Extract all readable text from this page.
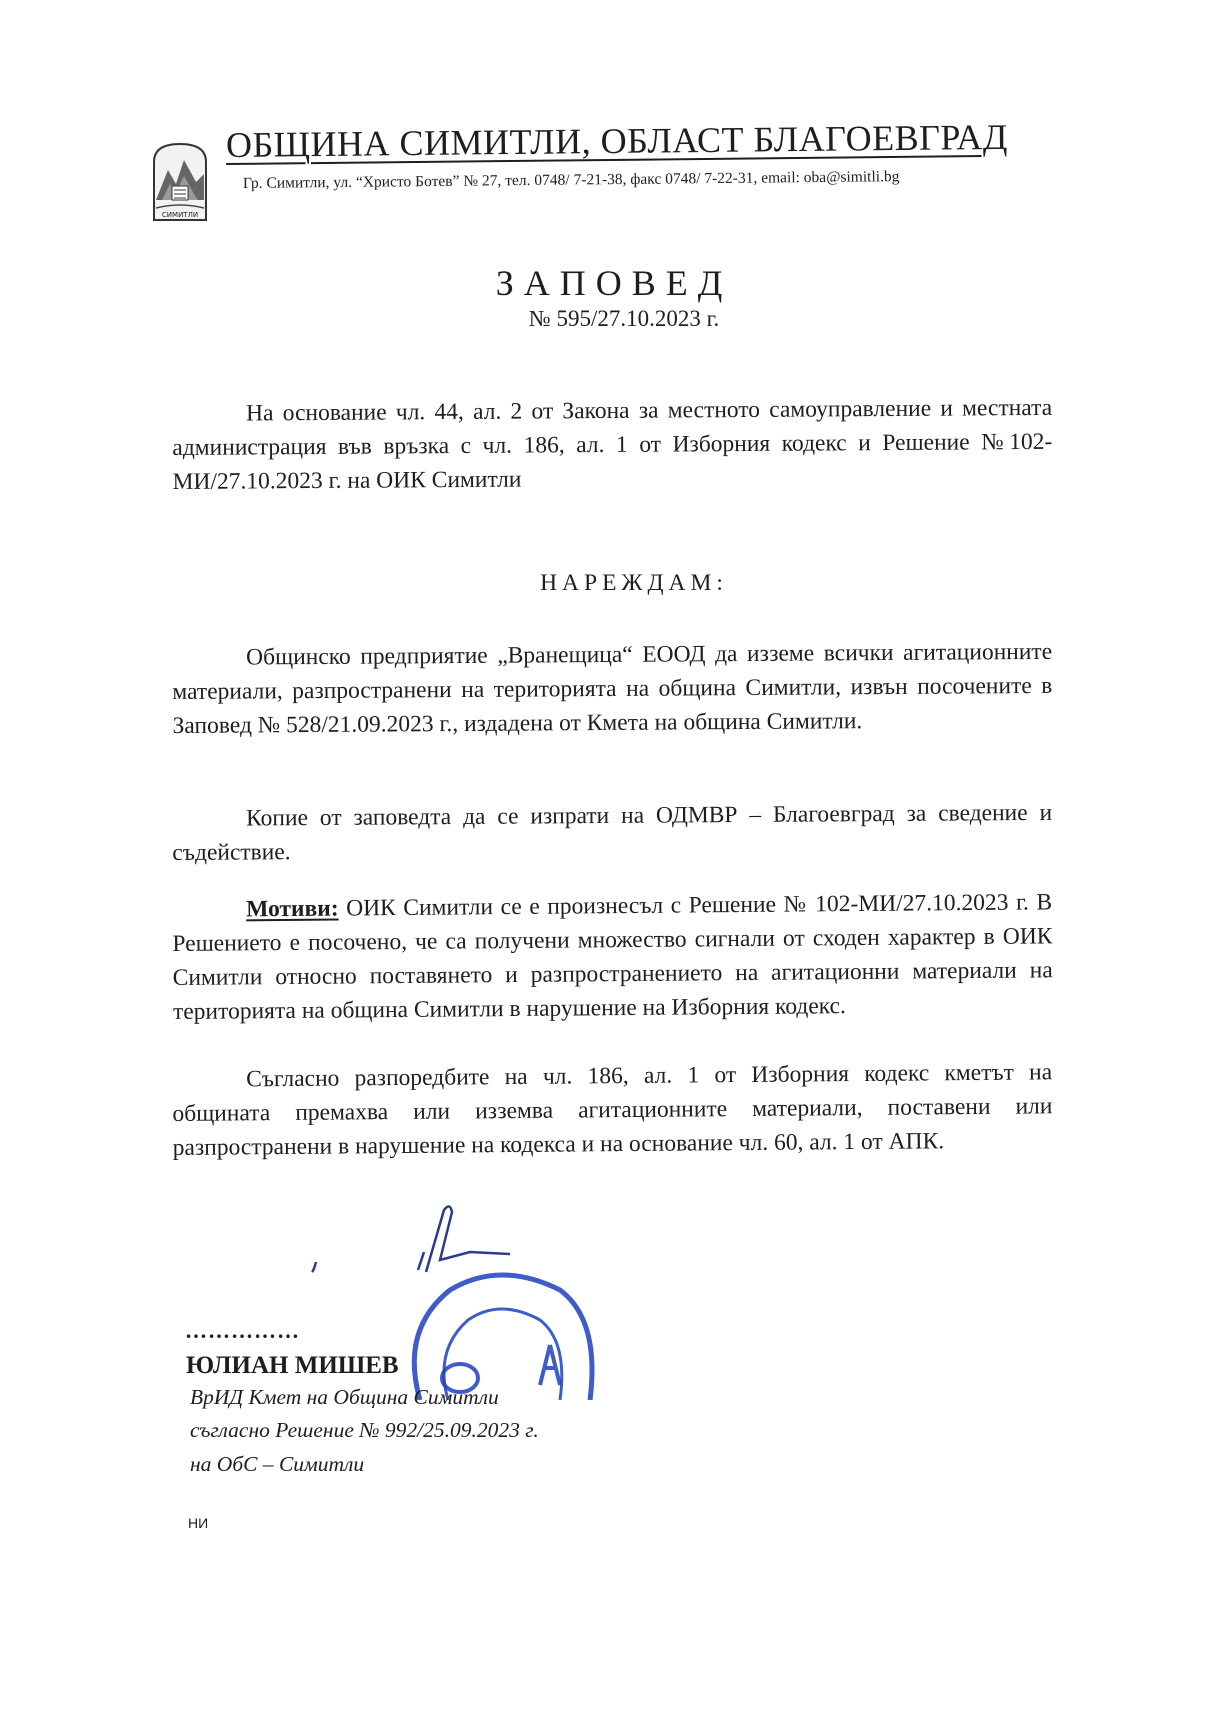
СИМИТЛИ
ОБЩИНА СИМИТЛИ, ОБЛАСТ БЛАГОЕВГРАД
Гр. Симитли, ул. “Христо Ботев” № 27, тел. 0748/ 7-21-38, факс 0748/ 7-22-31, email: oba@simitli.bg
ЗАПОВЕД
№ 595/27.10.2023 г.
На основание чл. 44, ал. 2 от Закона за местното самоуправление и местната администрация във връзка с чл. 186, ал. 1 от Изборния кодекс и Решение №102-МИ/27.10.2023 г. на ОИК Симитли
НАРЕЖДАМ:
Общинско предприятие „Вранещица“ ЕООД да изземе всички агитационните материали, разпространени на територията на община Симитли, извън посочените в Заповед № 528/21.09.2023 г., издадена от Кмета на община Симитли.
Копие от заповедта да се изпрати на ОДМВР – Благоевград за сведение и съдействие.
Мотиви: ОИК Симитли се е произнесъл с Решение № 102-МИ/27.10.2023 г. В Решението е посочено, че са получени множество сигнали от сходен характер в ОИК Симитли относно поставянето и разпространението на агитационни материали на територията на община Симитли в нарушение на Изборния кодекс.
Съгласно разпоредбите на чл. 186, ал. 1 от Изборния кодекс кметът на общината премахва или изземва агитационните материали, поставени или разпространени в нарушение на кодекса и на основание чл. 60, ал. 1 от АПК.
……………
ЮЛИАН МИШЕВ
ВрИД Кмет на Община Симитли
съгласно Решение № 992/25.09.2023 г.
на ОбС – Симитли
НИ
